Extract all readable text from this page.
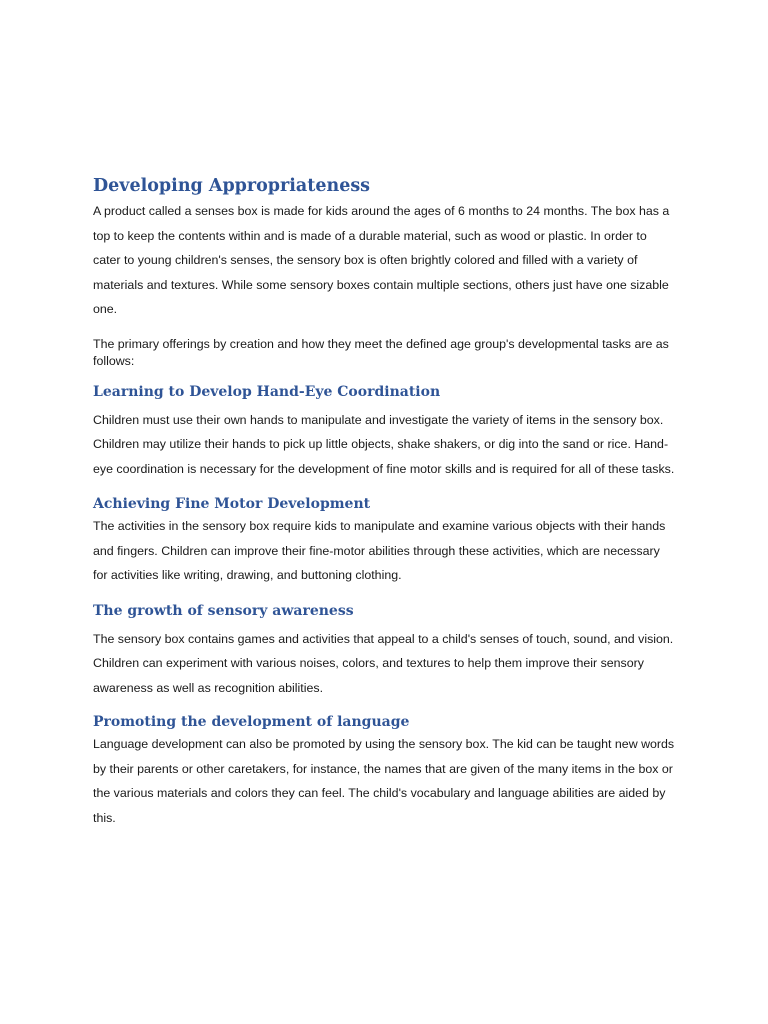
Developing Appropriateness

A product called a senses box is made for kids around the ages of 6 months to 24 months. The box has a top to keep the contents within and is made of a durable material, such as wood or plastic. In order to cater to young children's senses, the sensory box is often brightly colored and filled with a variety of materials and textures. While some sensory boxes contain multiple sections, others just have one sizable one.

The primary offerings by creation and how they meet the defined age group's developmental tasks are as follows:

Learning to Develop Hand-Eye Coordination

Children must use their own hands to manipulate and investigate the variety of items in the sensory box. Children may utilize their hands to pick up little objects, shake shakers, or dig into the sand or rice. Hand-eye coordination is necessary for the development of fine motor skills and is required for all of these tasks.

Achieving Fine Motor Development

The activities in the sensory box require kids to manipulate and examine various objects with their hands and fingers. Children can improve their fine-motor abilities through these activities, which are necessary for activities like writing, drawing, and buttoning clothing.

The growth of sensory awareness

The sensory box contains games and activities that appeal to a child's senses of touch, sound, and vision. Children can experiment with various noises, colors, and textures to help them improve their sensory awareness as well as recognition abilities.

Promoting the development of language

Language development can also be promoted by using the sensory box. The kid can be taught new words by their parents or other caretakers, for instance, the names that are given of the many items in the box or the various materials and colors they can feel. The child's vocabulary and language abilities are aided by this.
